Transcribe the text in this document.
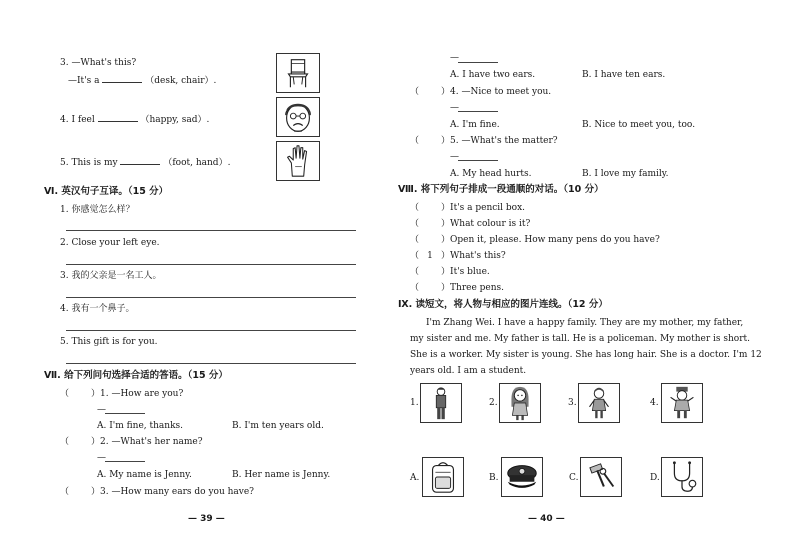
3. —What's this?
—It's a	（desk, chair）.
4. I feel	（happy, sad）.
5. This is my	（foot, hand）.
Ⅵ. 英汉句子互译。（15 分）
1. 你感觉怎么样？
2. Close your left eye.
3. 我的父亲是一名工人。
4. 我有一个鼻子。
5. This gift is for you.
Ⅶ. 给下列问句选择合适的答语。（15 分）
（ ）1. —How are you?
—
A. I'm fine, thanks.	B. I'm ten years old.
（ ）2. —What's her name?
—
A. My name is Jenny.	B. Her name is Jenny.
（ ）3. —How many ears do you have?
— 39 —
—
A. I have two ears.	B. I have ten ears.
（ ）4. —Nice to meet you.
—
A. I'm fine.	B. Nice to meet you, too.
（ ）5. —What's the matter?
—
A. My head hurts.	B. I love my family.
Ⅷ. 将下列句子排成一段通顺的对话。（10 分）
（ ）It's a pencil box.
（ ）What colour is it?
（ ）Open it, please. How many pens do you have?
（ 1 ）What's this?
（ ）It's blue.
（ ）Three pens.
Ⅸ. 读短文，将人物与相应的图片连线。（12 分）
I'm Zhang Wei. I have a happy family. They are my mother, my father,
my sister and me. My father is tall. He is a policeman. My mother is short.
She is a worker. My sister is young. She has long hair. She is a doctor. I'm 12
years old. I am a student.
1.	2.	3.	4.
A.	B.	C.	D.
— 40 —
